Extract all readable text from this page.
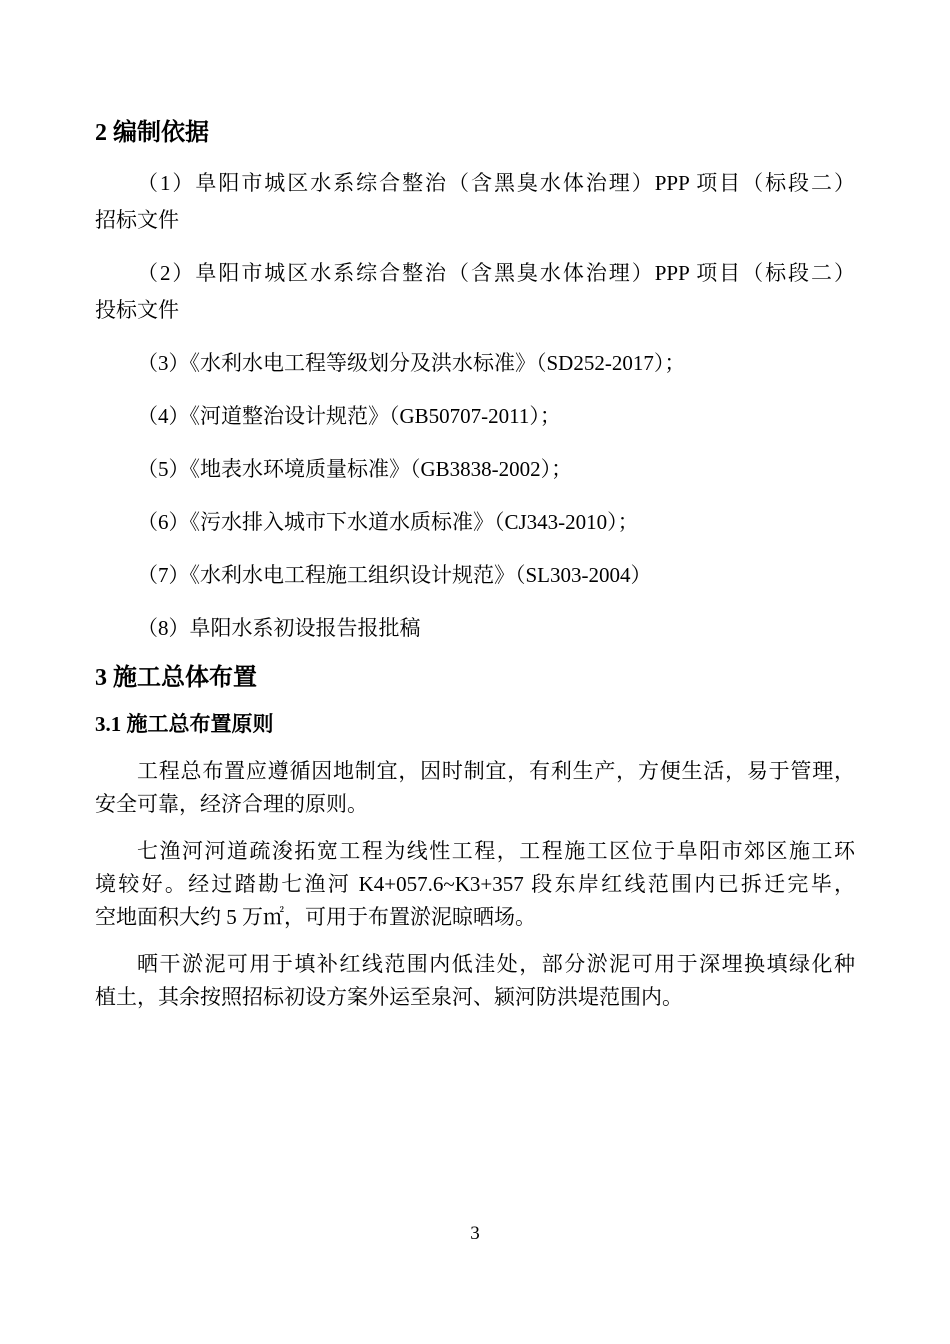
2 编制依据
（1）阜阳市城区水系综合整治（含黑臭水体治理）PPP 项目（标段二）
招标文件
（2）阜阳市城区水系综合整治（含黑臭水体治理）PPP 项目（标段二）
投标文件
（3）《水利水电工程等级划分及洪水标准》（SD252-2017）；
（4）《河道整治设计规范》（GB50707-2011）；
（5）《地表水环境质量标准》（GB3838-2002）；
（6）《污水排入城市下水道水质标准》（CJ343-2010）；
（7）《水利水电工程施工组织设计规范》（SL303-2004）
（8）阜阳水系初设报告报批稿
3 施工总体布置
3.1 施工总布置原则
工程总布置应遵循因地制宜，因时制宜，有利生产，方便生活，易于管理，
安全可靠，经济合理的原则。
七渔河河道疏浚拓宽工程为线性工程，工程施工区位于阜阳市郊区施工环
境较好。经过踏勘七渔河 K4+057.6~K3+357 段东岸红线范围内已拆迁完毕，
空地面积大约 5 万㎡，可用于布置淤泥晾晒场。
晒干淤泥可用于填补红线范围内低洼处，部分淤泥可用于深埋换填绿化种
植土，其余按照招标初设方案外运至泉河、颍河防洪堤范围内。
3
